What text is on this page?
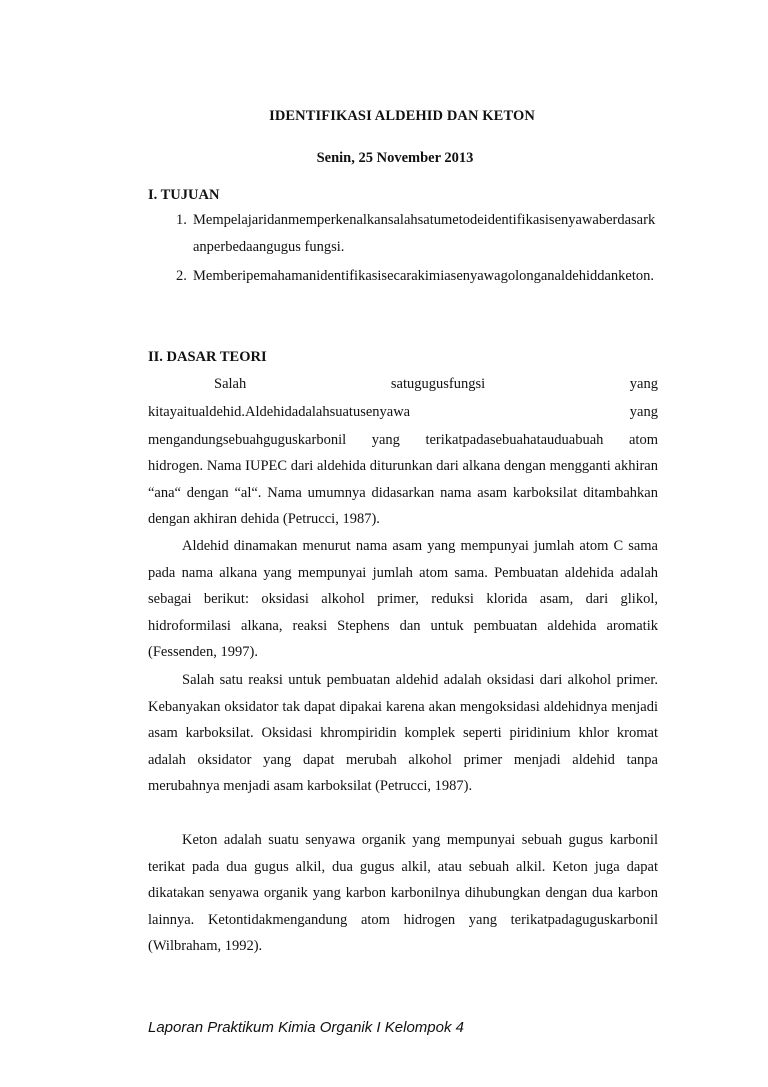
IDENTIFIKASI ALDEHID DAN KETON
Senin, 25 November 2013
I. TUJUAN
1. Mempelajaridanmemperkenalkansalahsatumetodeidentifikasisenyawaberdasarkanperbedaangugus fungsi.
2. Memberipemahamanidentifikasisecarakimiasenyawagolonganaldehiddanketon.
II. DASAR TEORI

Salah satugugusfungsi yang

kitayaitualdehid.Aldehidadalahsuatusenyawa yang

mengandungsebuahguguskarbonil yang terikatpadasebuahatauduabuah atom

hidrogen. Nama IUPEC dari aldehida diturunkan dari alkana dengan mengganti akhiran “ana“ dengan “al“. Nama umumnya didasarkan nama asam karboksilat ditambahkan dengan akhiran dehida (Petrucci, 1987).

Aldehid dinamakan menurut nama asam yang mempunyai jumlah atom C sama pada nama alkana yang mempunyai jumlah atom sama. Pembuatan aldehida adalah sebagai berikut: oksidasi alkohol primer, reduksi klorida asam, dari glikol, hidroformilasi alkana, reaksi Stephens dan untuk pembuatan aldehida aromatik (Fessenden, 1997).

Salah satu reaksi untuk pembuatan aldehid adalah oksidasi dari alkohol primer. Kebanyakan oksidator tak dapat dipakai karena akan mengoksidasi aldehidnya menjadi asam karboksilat. Oksidasi khrompiridin komplek seperti piridinium khlor kromat adalah oksidator yang dapat merubah alkohol primer menjadi aldehid tanpa merubahnya menjadi asam karboksilat (Petrucci, 1987).

Keton adalah suatu senyawa organik yang mempunyai sebuah gugus karbonil terikat pada dua gugus alkil, dua gugus alkil, atau sebuah alkil. Keton juga dapat dikatakan senyawa organik yang karbon karbonilnya dihubungkan dengan dua karbon lainnya. Ketontidakmengandung atom hidrogen yang terikatpadaguguskarbonil (Wilbraham, 1992).

Laporan Praktikum Kimia Organik I Kelompok 4
